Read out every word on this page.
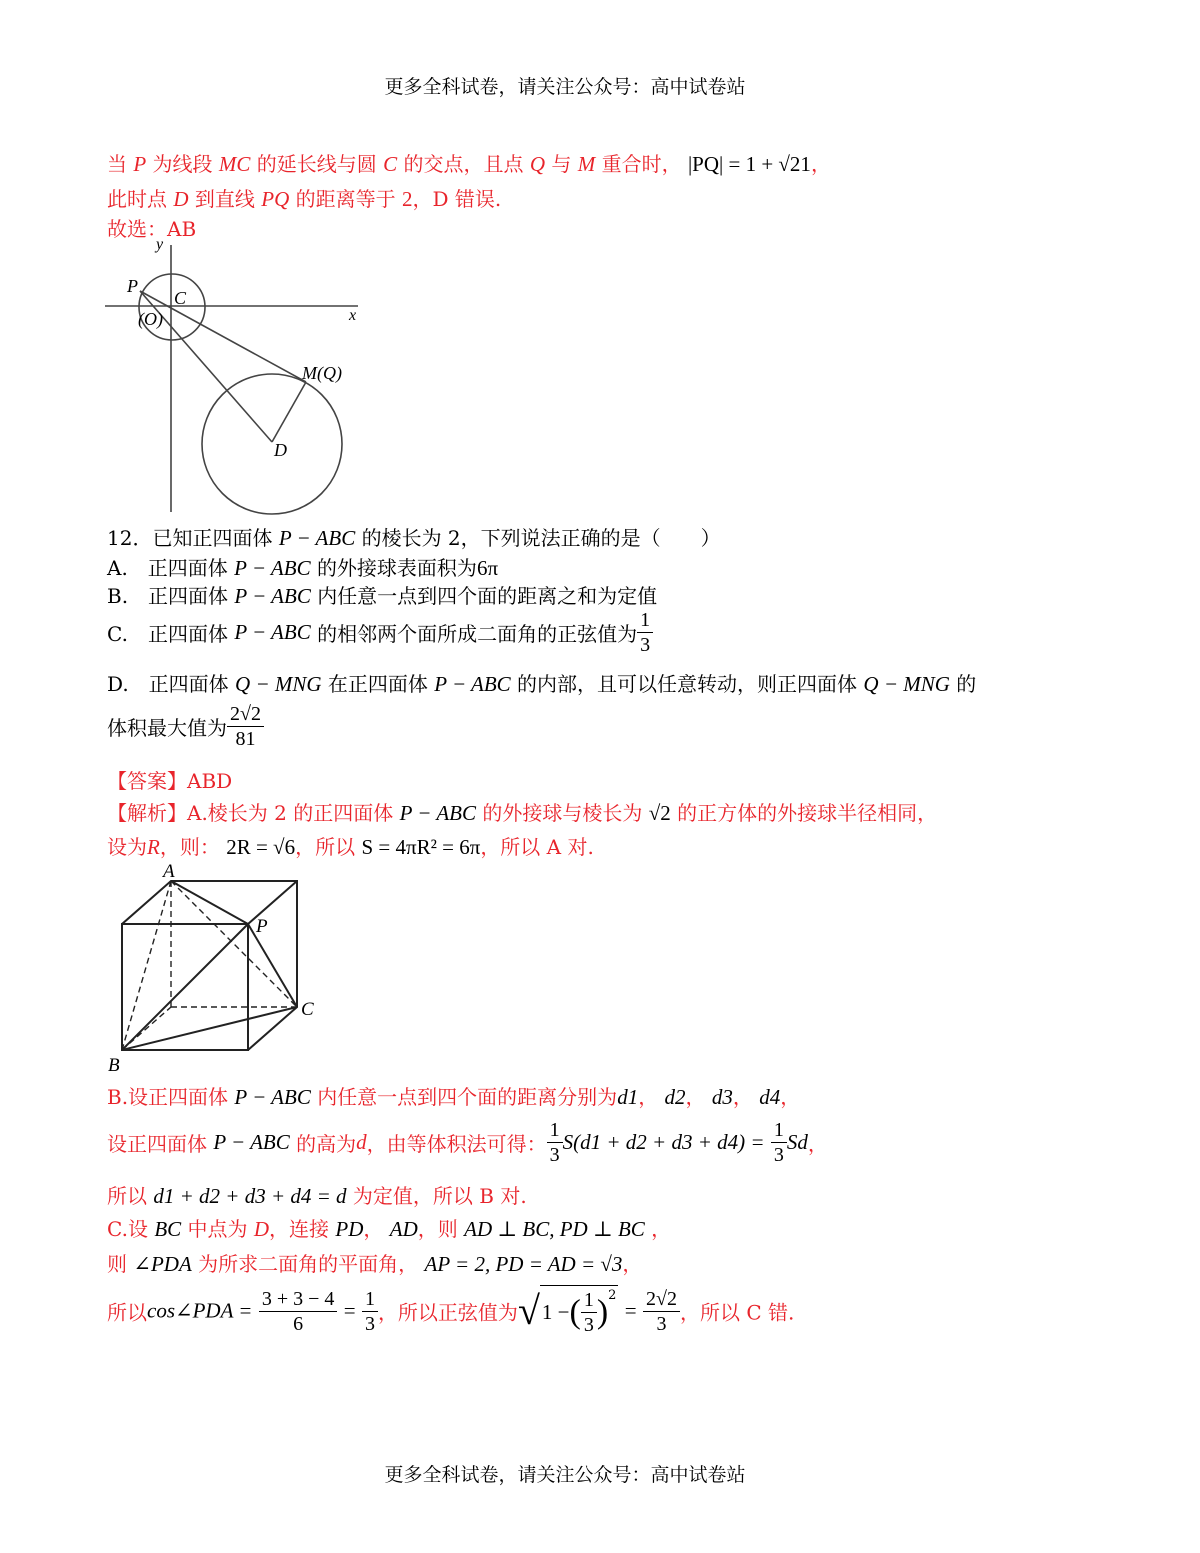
更多全科试卷，请关注公众号：高中试卷站
当 P 为线段 MC 的延长线与圆 C 的交点，且点 Q 与 M 重合时， |PQ| = 1 + √21，
此时点 D 到直线 PQ 的距离等于 2，D 错误.
故选：AB
y
x
P
C
(O)
M(Q)
D
12．已知正四面体 P − ABC 的棱长为 2，下列说法正确的是（　　）
A.　正四面体 P − ABC 的外接球表面积为6π
B.　正四面体 P − ABC 内任意一点到四个面的距离之和为定值
C.　正四面体 P − ABC 的相邻两个面所成二面角的正弦值为 $\frac{1}{3}$
D.　正四面体 Q − MNG 在正四面体 P − ABC 的内部，且可以任意转动，则正四面体 Q − MNG 的
体积最大值为 $\frac{2√2}{81}$
【答案】ABD
【解析】A.棱长为 2 的正四面体 P − ABC 的外接球与棱长为 √2 的正方体的外接球半径相同，
设为R，则： 2R = √6，所以 S = 4πR² = 6π，所以 A 对.
A
P
C
B
B.设正四面体 P − ABC 内任意一点到四个面的距离分别为d1， d2， d3， d4，
设正四面体 P − ABC 的高为d，由等体积法可得： $\frac{1}{3} S(d1 + d2 + d3 + d4) = \frac{1}{3}$ Sd，
所以 d1 + d2 + d3 + d4 = d 为定值，所以 B 对.
C.设 BC 中点为 D，连接 PD， AD，则 AD ⊥ BC, PD ⊥ BC ，
则 ∠PDA 为所求二面角的平面角， AP = 2, PD = AD = √3，
所以cos∠PDA = $\frac{3 + 3 - 4}{6} = \frac{1}{3}$ ，所以正弦值为√1 −( $\frac{1}{3} )^2 = \frac{2√2}{3}$ ，所以 C 错.
更多全科试卷，请关注公众号：高中试卷站
